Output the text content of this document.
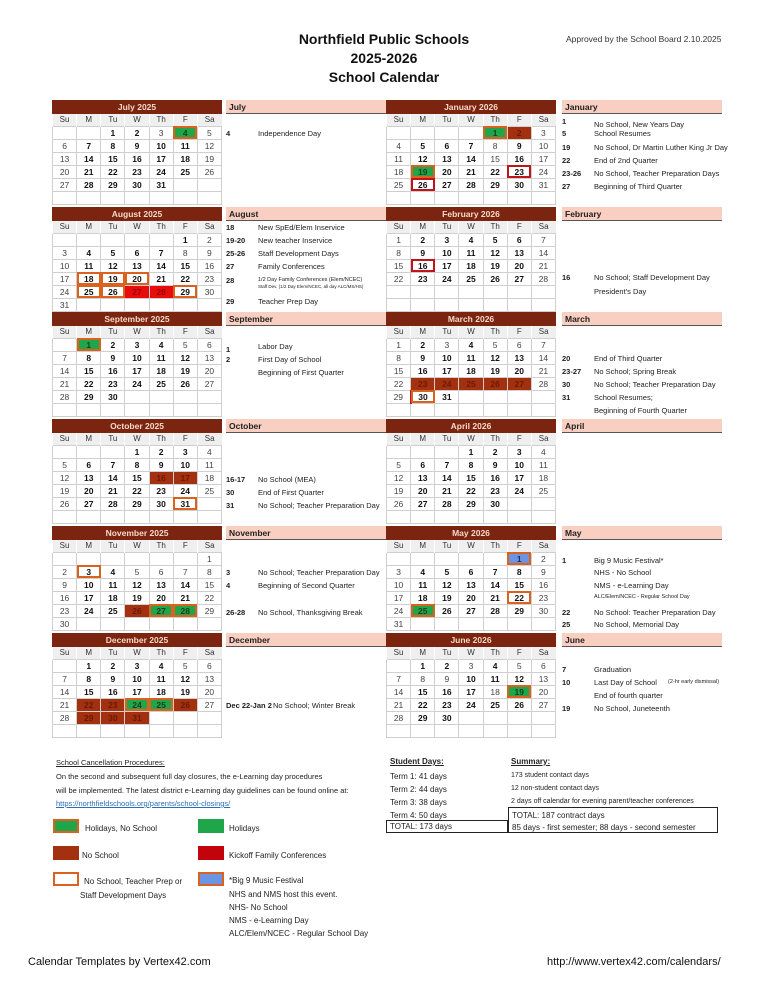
Northfield Public Schools
2025-2026
School Calendar
Approved by the School Board 2.10.2025
July 2025
Su	M	Tu	W	Th	F	Sa
		1	2	3	4	5
6	7	8	9	10	11	12
13	14	15	16	17	18	19
20	21	22	23	24	25	26
27	28	29	30	31		

July
4	Independence Day
January 2026
Su	M	Tu	W	Th	F	Sa
				1	2	3
4	5	6	7	8	9	10
11	12	13	14	15	16	17
18	19	20	21	22	23	24
25	26	27	28	29	30	31

January
1	No School, New Years Day
5	School Resumes
19	No School, Dr Martin Luther King Jr Day
22	End of 2nd Quarter
23-26 No School, Teacher Preparation Days
27	Beginning of Third Quarter
August 2025
Su	M	Tu	W	Th	F	Sa
					1	2
3	4	5	6	7	8	9
10	11	12	13	14	15	16
17	18	19	20	21	22	23
24	25	26	27	28	29	30
31						
August
18	New SpEd/Elem Inservice
19-20 New teacher Inservice
25-26 Staff Development Days
27	Family Conferences
28	1/2 Day Family Conferences (Elem/NCEC)
Staff Dev. (1/2 Day Elem/NCEC, all day ALC/MS/HS)
29	Teacher Prep Day
February 2026
Su	M	Tu	W	Th	F	Sa
1	2	3	4	5	6	7
8	9	10	11	12	13	14
15	16	17	18	19	20	21
22	23	24	25	26	27	28

February
16	No School; Staff Development Day
President's Day
September 2025
Su	M	Tu	W	Th	F	Sa
	1	2	3	4	5	6
7	8	9	10	11	12	13
14	15	16	17	18	19	20
21	22	23	24	25	26	27
28	29	30				

September
1	Labor Day
2	First Day of School
Beginning of First Quarter
March 2026
Su	M	Tu	W	Th	F	Sa
1	2	3	4	5	6	7
8	9	10	11	12	13	14
15	16	17	18	19	20	21
22	23	24	25	26	27	28
29	30	31				

March
20	End of Third Quarter
23-27 No School; Spring Break
30	No School; Teacher Preparation Day
31	School Resumes;
Beginning of Fourth Quarter
October 2025
Su	M	Tu	W	Th	F	Sa
			1	2	3	4
5	6	7	8	9	10	11
12	13	14	15	16	17	18
19	20	21	22	23	24	25
26	27	28	29	30	31	

October
16-17 No School (MEA)
30	End of First Quarter
31	No School; Teacher Preparation Day
April 2026
Su	M	Tu	W	Th	F	Sa
			1	2	3	4
5	6	7	8	9	10	11
12	13	14	15	16	17	18
19	20	21	22	23	24	25
26	27	28	29	30		

April
November 2025
Su	M	Tu	W	Th	F	Sa
						1
2	3	4	5	6	7	8
9	10	11	12	13	14	15
16	17	18	19	20	21	22
23	24	25	26	27	28	29
30						
November
3	No School; Teacher Preparation Day
4	Beginning of Second Quarter
26-28 No School, Thanksgiving Break
May 2026
Su	M	Tu	W	Th	F	Sa
					1	2
3	4	5	6	7	8	9
10	11	12	13	14	15	16
17	18	19	20	21	22	23
24	25	26	27	28	29	30
31						
May
1	Big 9 Music Festival*
NHS - No School
NMS - e-Learning Day
ALC/Elem/NCEC - Regular School Day
22	No School: Teacher Preparation Day
25	No School, Memorial Day
December 2025
Su	M	Tu	W	Th	F	Sa
	1	2	3	4	5	6
7	8	9	10	11	12	13
14	15	16	17	18	19	20
21	22	23	24	25	26	27
28	29	30	31			

December
Dec 22-Jan 2 No School; Winter Break
June 2026
Su	M	Tu	W	Th	F	Sa
	1	2	3	4	5	6
7	8	9	10	11	12	13
14	15	16	17	18	19	20
21	22	23	24	25	26	27
28	29	30				

June
7	Graduation
10	Last Day of School (2-hr early dismissal)
End of fourth quarter
19	No School, Juneteenth
School Cancellation Procedures:
On the second and subsequent full day closures, the e-Learning day procedures
will be implemented. The latest district e-Learning day guidelines can be found online at:
https://northfieldschools.org/parents/school-closings/
Holidays, No School	Holidays
No School	Kickoff Family Conferences
No School, Teacher Prep or
Staff Development Days
*Big 9 Music Festival
NHS and NMS host this event.
NHS- No School
NMS - e-Learning Day
ALC/Elem/NCEC - Regular School Day
Student Days:
Term 1: 41 days
Term 2: 44 days
Term 3: 38 days
Term 4: 50 days
TOTAL: 173 days
Summary:
173 student contact days
12 non-student contact days
2 days off calendar for evening parent/teacher conferences
TOTAL: 187 contract days
85 days - first semester; 88 days - second semester
Calendar Templates by Vertex42.com	http://www.vertex42.com/calendars/
